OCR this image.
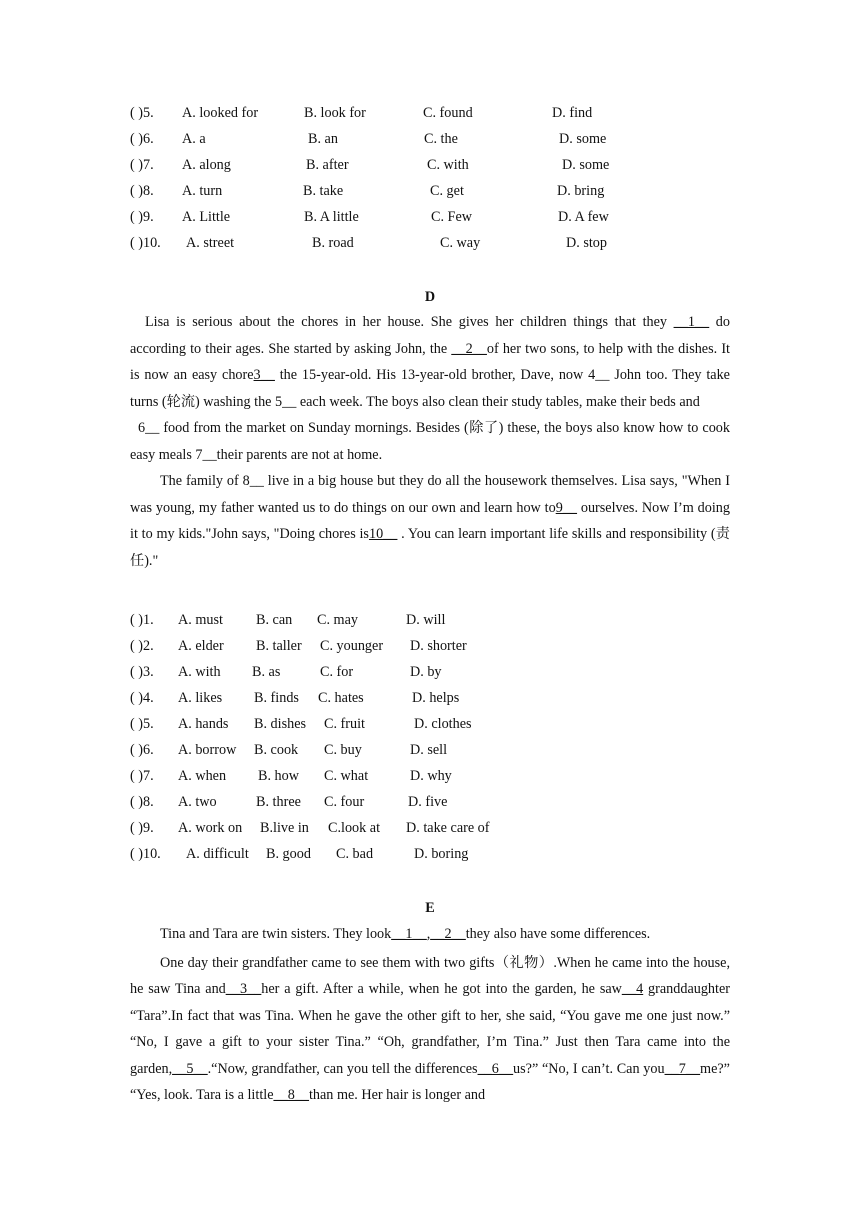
( )5. A. looked for	B. look for	C. found	D. find
( )6. A. a	B. an	C. the	D. some
( )7. A. along	B. after	C. with	D. some
( )8. A. turn	B. take	C. get	D. bring
( )9. A. Little	B. A little	C. Few	D. A few
( )10. A. street	B. road	C. way	D. stop
D

Lisa is serious about the chores in her house. She gives her children things that they __1__ do according to their ages. She started by asking John, the __2__of her two sons, to help with the dishes. It is now an easy chore3__ the 15-year-old. His 13-year-old brother, Dave, now 4__ John too. They take turns (轮流) washing the 5__ each week. The boys also clean their study tables, make their beds and

6__ food from the market on Sunday mornings. Besides (除了) these, the boys also know how to cook easy meals 7__their parents are not at home.

The family of 8__ live in a big house but they do all the housework themselves. Lisa says, "When I was young, my father wanted us to do things on our own and learn how to9__ ourselves. Now I’m doing it to my kids."John says, "Doing chores is10__ . You can learn important life skills and responsibility (责任)."

( )1. A. must B. can C. may	D. will
( )2. A. elder B. taller C. younger D. shorter
( )3. A. with B. as	C. for	D. by
( )4. A. likes B. finds C. hates	D. helps
( )5. A. hands B. dishes C. fruit	D. clothes
( )6. A. borrow B. cook C. buy	D. sell
( )7. A. when B. how C. what	D. why
( )8. A. two	B. three C. four	D. five
( )9. A. work on B.live in C.look at D. take care of
( )10. A. difficult B. good C. bad	D. boring
E

Tina and Tara are twin sisters. They look__1__,__2__they also have some differences.

One day their grandfather came to see them with two gifts（礼物）.When he came into the house, he saw Tina and__3__her a gift. After a while, when he got into the garden, he saw__4 granddaughter “Tara”.In fact that was Tina. When he gave the other gift to her, she said, “You gave me one just now.” “No, I gave a gift to your sister Tina.” “Oh, grandfather, I’m Tina.” Just then Tara came into the garden,__5__.“Now, grandfather, can you tell the differences__6__us?” “No, I can’t. Can you__7__me?” “Yes, look. Tara is a little__8__than me. Her hair is longer and
